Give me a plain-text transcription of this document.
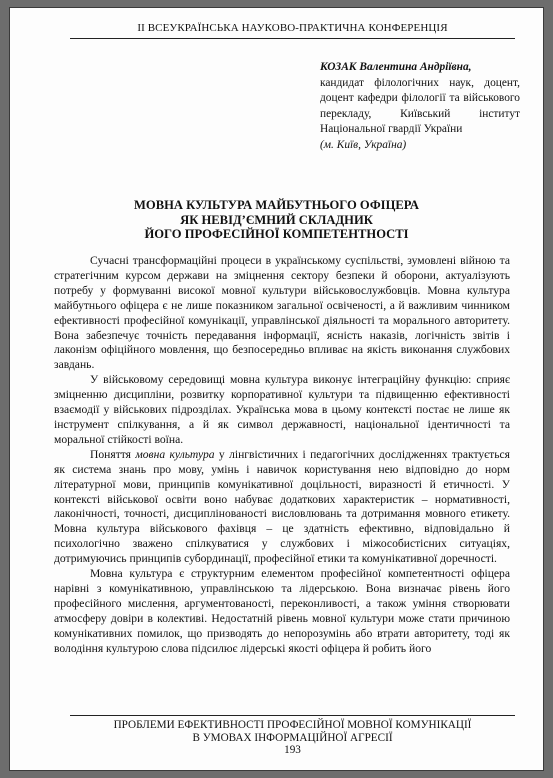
II ВСЕУКРАЇНСЬКА НАУКОВО-ПРАКТИЧНА КОНФЕРЕНЦІЯ
КОЗАК Валентина Андріївна,
кандидат філологічних наук, доцент, доцент кафедри філології та військового перекладу, Київський інститут Національної гвардії України
(м. Київ, Україна)
МОВНА КУЛЬТУРА МАЙБУТНЬОГО ОФІЦЕРА
ЯК НЕВІД’ЄМНИЙ СКЛАДНИК
ЙОГО ПРОФЕСІЙНОЇ КОМПЕТЕНТНОСТІ

Сучасні трансформаційні процеси в українському суспільстві, зумовлені війною та стратегічним курсом держави на зміцнення сектору безпеки й оборони, актуалізують потребу у формуванні високої мовної культури військовослужбовців. Мовна культура майбутнього офіцера є не лише показником загальної освіченості, а й важливим чинником ефективності професійної комунікації, управлінської діяльності та морального авторитету. Вона забезпечує точність передавання інформації, ясність наказів, логічність звітів і лаконізм офіційного мовлення, що безпосередньо впливає на якість виконання службових завдань.

У військовому середовищі мовна культура виконує інтеграційну функцію: сприяє зміцненню дисципліни, розвитку корпоративної культури та підвищенню ефективності взаємодії у військових підрозділах. Українська мова в цьому контексті постає не лише як інструмент спілкування, а й як символ державності, національної ідентичності та моральної стійкості воїна.

Поняття мовна культура у лінгвістичних і педагогічних дослідженнях трактується як система знань про мову, умінь і навичок користування нею відповідно до норм літературної мови, принципів комунікативної доцільності, виразності й етичності. У контексті військової освіти воно набуває додаткових характеристик – нормативності, лаконічності, точності, дисциплінованості висловлювань та дотримання мовного етикету. Мовна культура військового фахівця – це здатність ефективно, відповідально й психологічно зважено спілкуватися у службових і міжособистісних ситуаціях, дотримуючись принципів субординації, професійної етики та комунікативної доречності.

Мовна культура є структурним елементом професійної компетентності офіцера нарівні з комунікативною, управлінською та лідерською. Вона визначає рівень його професійного мислення, аргументованості, переконливості, а також уміння створювати атмосферу довіри в колективі. Недостатній рівень мовної культури може стати причиною комунікативних помилок, що призводять до непорозумінь або втрати авторитету, тоді як володіння культурою слова підсилює лідерські якості офіцера й робить його

ПРОБЛЕМИ ЕФЕКТИВНОСТІ ПРОФЕСІЙНОЇ МОВНОЇ КОМУНІКАЦІЇ
В УМОВАХ ІНФОРМАЦІЙНОЇ АГРЕСІЇ
193
